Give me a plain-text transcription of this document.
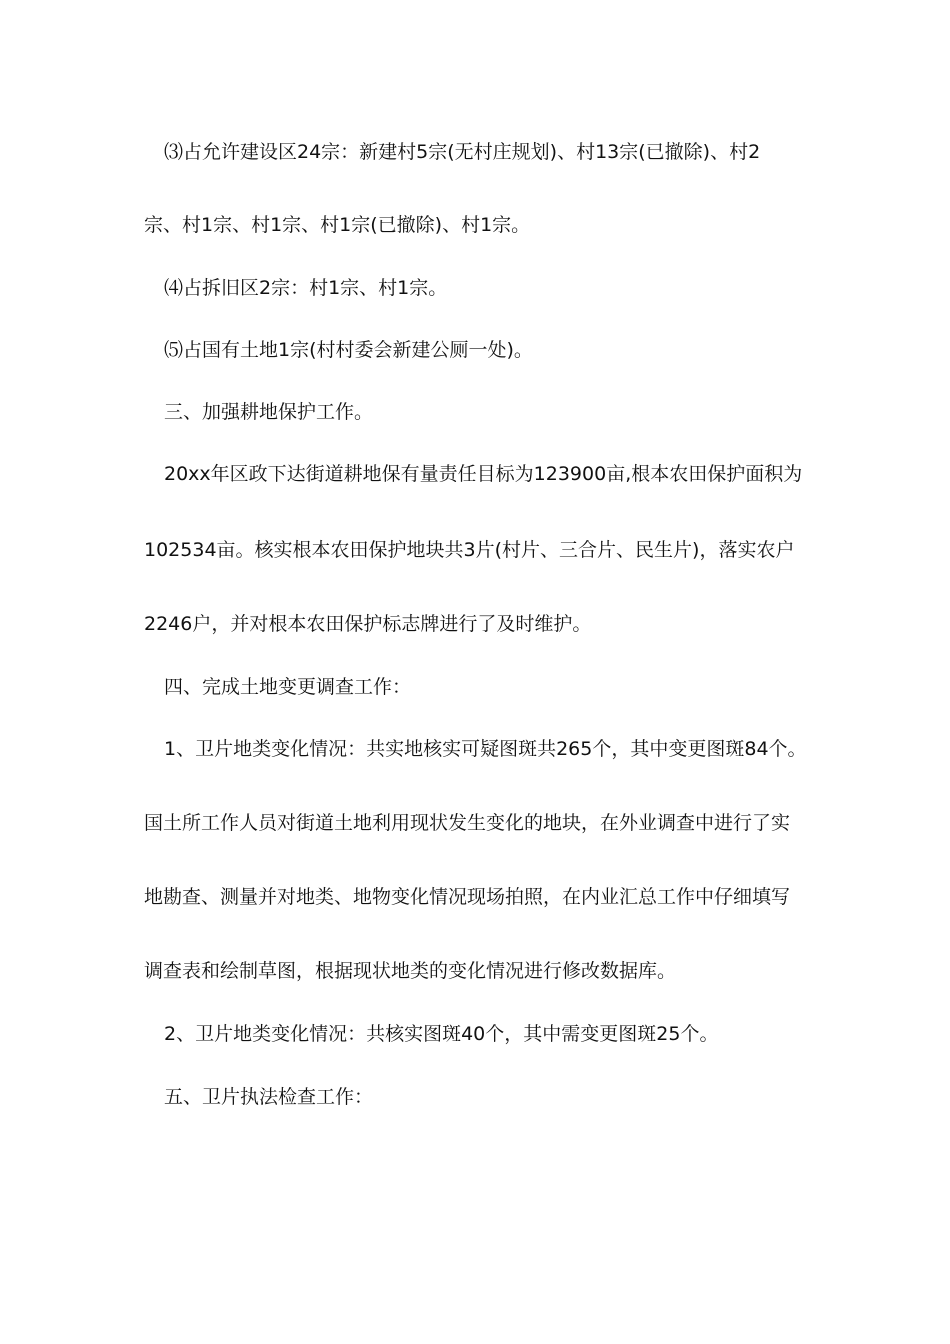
⑶占允许建设区24宗：新建村5宗(无村庄规划)、村13宗(已撤除)、村2
宗、村1宗、村1宗、村1宗(已撤除)、村1宗。
⑷占拆旧区2宗：村1宗、村1宗。
⑸占国有土地1宗(村村委会新建公厕一处)。
三、加强耕地保护工作。
20xx年区政下达街道耕地保有量责任目标为123900亩,根本农田保护面积为
102534亩。核实根本农田保护地块共3片(村片、三合片、民生片)，落实农户
2246户，并对根本农田保护标志牌进行了及时维护。
四、完成土地变更调查工作：
1、卫片地类变化情况：共实地核实可疑图斑共265个，其中变更图斑84个。
国土所工作人员对街道土地利用现状发生变化的地块，在外业调查中进行了实
地勘查、测量并对地类、地物变化情况现场拍照，在内业汇总工作中仔细填写
调查表和绘制草图，根据现状地类的变化情况进行修改数据库。
2、卫片地类变化情况：共核实图斑40个，其中需变更图斑25个。
五、卫片执法检查工作：
